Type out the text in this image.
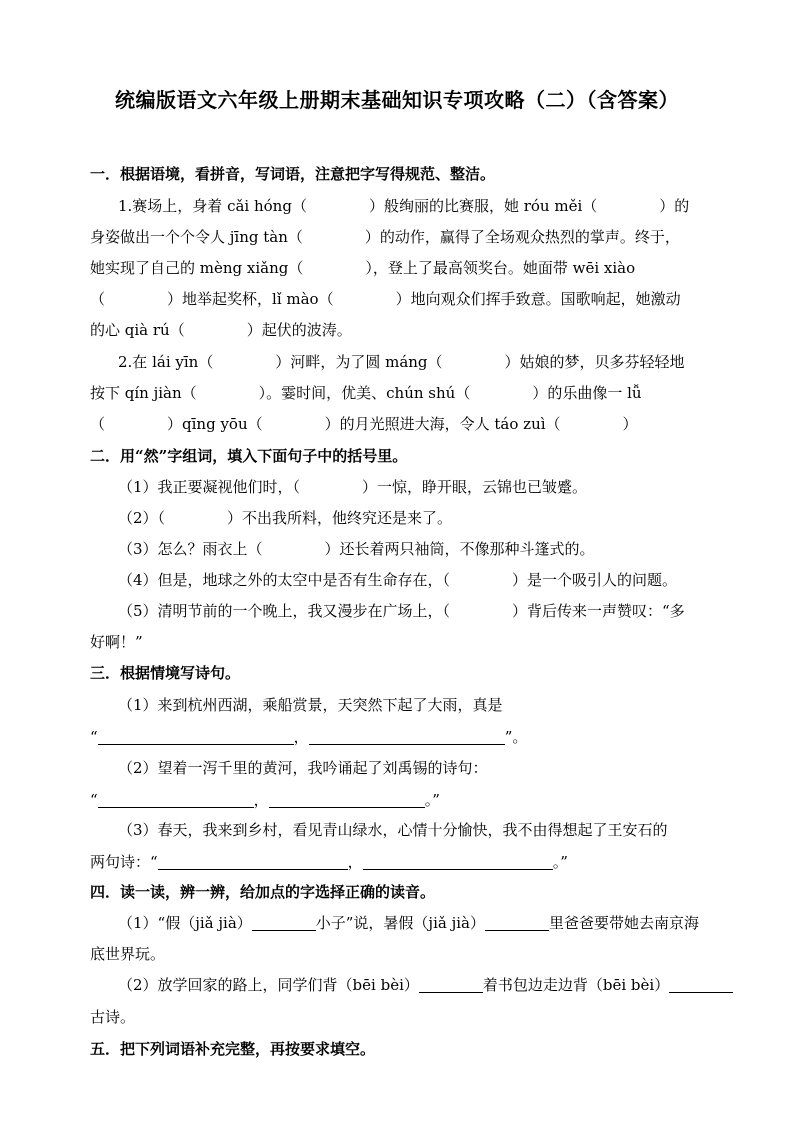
统编版语文六年级上册期末基础知识专项攻略（二）（含答案）
一．根据语境，看拼音，写词语，注意把字写得规范、整洁。
1.赛场上，身着 cǎi hóng（	）般绚丽的比赛服，她 róu měi（	）的
身姿做出一个个令人 jīng tàn（	）的动作，赢得了全场观众热烈的掌声。终于，
她实现了自己的 mèng xiǎng（	），登上了最高领奖台。她面带 wēi xiào
（	）地举起奖杯，lǐ mào（	）地向观众们挥手致意。国歌响起，她激动
的心 qià rú（	）起伏的波涛。
2.在 lái yīn（	）河畔，为了圆 máng（	）姑娘的梦，贝多芬轻轻地
按下 qín jiàn（	）。霎时间，优美、chún shú（	）的乐曲像一 lǚ
（	）qīng yōu（	）的月光照进大海，令人 táo zuì（	）
二．用“然”字组词，填入下面句子中的括号里。
（1）我正要凝视他们时，（	）一惊，睁开眼，云锦也已皱蹙。
（2）（	）不出我所料，他终究还是来了。
（3）怎么？雨衣上（	）还长着两只袖筒，不像那种斗篷式的。
（4）但是，地球之外的太空中是否有生命存在，（	）是一个吸引人的问题。
（5）清明节前的一个晚上，我又漫步在广场上，（	）背后传来一声赞叹：“多
好啊！”
三．根据情境写诗句。
（1）来到杭州西湖，乘船赏景，天突然下起了大雨，真是
“	，	”。
（2）望着一泻千里的黄河，我吟诵起了刘禹锡的诗句：
“	，	。”
（3）春天，我来到乡村，看见青山绿水，心情十分愉快，我不由得想起了王安石的
两句诗：“	，	。”
四．读一读，辨一辨，给加点的字选择正确的读音。
（1）“假（jiǎ jià）	小子”说，暑假（jiǎ jià）	里爸爸要带她去南京海
底世界玩。
（2）放学回家的路上，同学们背（bēi bèi）	着书包边走边背（bēi bèi）
古诗。
五．把下列词语补充完整，再按要求填空。
